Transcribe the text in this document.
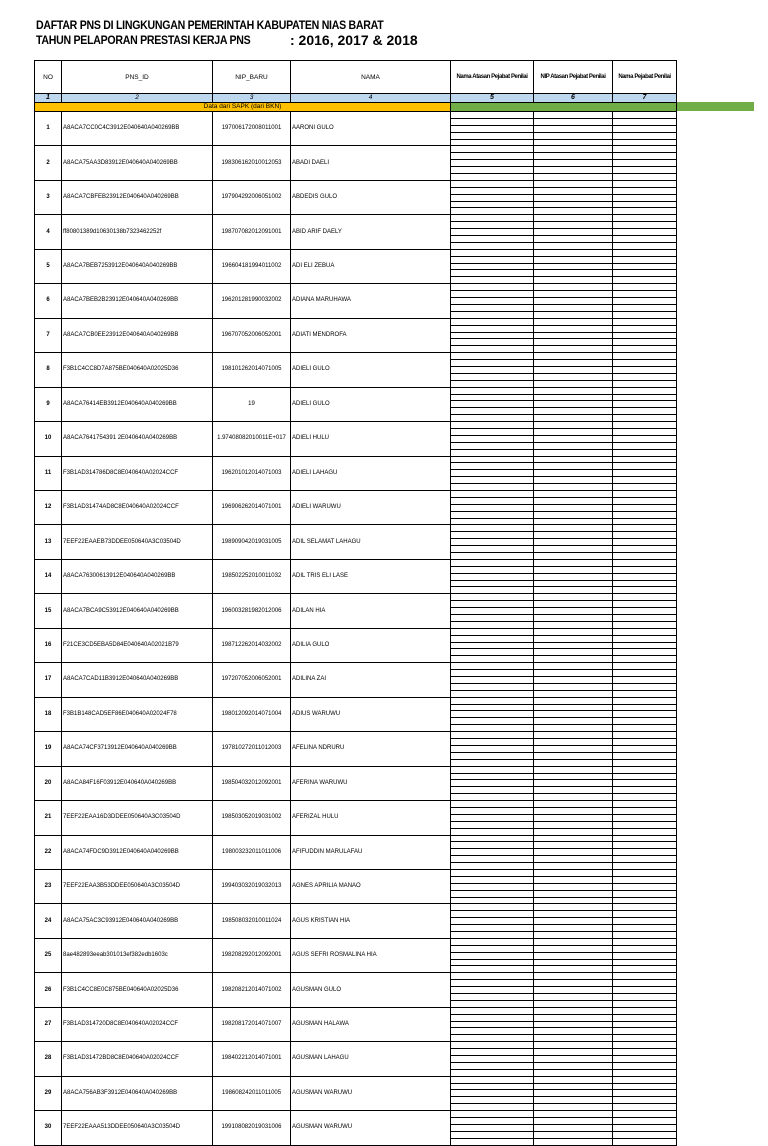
DAFTAR PNS DI LINGKUNGAN PEMERINTAH KABUPATEN NIAS BARAT
TAHUN PELAPORAN PRESTASI KERJA PNS	: 2016, 2017 & 2018
NO	PNS_ID	NIP_BARU	NAMA	Nama Atasan Pejabat Penilai	NIP Atasan Pejabat Penilai	Nama Pejabat Penilai
1	2	3	4	5	6	7
Data dari SAPK (dari BKN)						
1	A8ACA7CC0C4C3912E040640A040269BB	197006172008011001	AARONI GULO			

2	A8ACA75AA3D83912E040640A040269BB	198306162010012053	ABADI DAELI			

3	A8ACA7CBFEB23912E040640A040269BB	197904292006051002	ABDEDIS GULO			

4	ff80801389d10630138b7323462252f	198707082012091001	ABID ARIF DAELY			

5	A8ACA7BEB7253912E040640A040269BB	196604181994011002	ADI ELI ZEBUA			

6	A8ACA7BEB2B23912E040640A040269BB	196201281990032002	ADIANA MARUHAWA			

7	A8ACA7CB0EE23912E040640A040269BB	196707052006052001	ADIATI MENDROFA			

8	F3B1C4CC8D7A875BE040640A02025D36	198101262014071005	ADIELI GULO			

9	A8ACA76414EB3912E040640A040269BB	19	ADIELI GULO			

10	A8ACA7641754391 2E040640A040269BB	1.97408082010011E+017	ADIELI HULU			

11	F3B1AD314786D8C8E040640A02024CCF	196201012014071003	ADIELI LAHAGU			

12	F3B1AD31474AD8C8E040640A02024CCF	196906262014071001	ADIELI WARUWU			

13	7EEF22EAAEB73DDEE050640A3C03504D	198909042019031005	ADIL SELAMAT LAHAGU			

14	A8ACA76300613912E040640A040269BB	198502252010011032	ADIL TRIS ELI LASE			

15	A8ACA7BCA9C53912E040640A040269BB	196003281982012006	ADILAN HIA			

16	F21CE3CD5EBA5D84E040640A02021B79	198712262014032002	ADILIA GULO			

17	A8ACA7CAD11B3912E040640A040269BB	197207052006052001	ADILINA ZAI			

18	F3B1B148CAD5EF86E040640A02024F78	198012092014071004	ADIUS WARUWU			

19	A8ACA74CF3713912E040640A040269BB	197810272011012003	AFELINA NDRURU			

20	A8ACA84F16F03912E040640A040269BB	198504032012092001	AFERINA WARUWU			

21	7EEF22EAA16D3DDEE050640A3C03504D	198503052019031002	AFERIZAL HULU			

22	A8ACA74FDC9D3912E040640A040269BB	198003232011011006	AFIFUDDIN MARULAFAU			

23	7EEF22EAA3B53DDEE050640A3C03504D	199403032019032013	AGNES APRILIA MANAO			

24	A8ACA75AC3C93912E040640A040269BB	198508032010011024	AGUS KRISTIAN HIA			

25	8ae482893eeab301013ef382edb1603c	198208292012092001	AGUS SEFRI ROSMALINA HIA			

26	F3B1C4CC8E0C875BE040640A02025D36	198208212014071002	AGUSMAN GULO			

27	F3B1AD314720D8C8E040640A02024CCF	198208172014071007	AGUSMAN HALAWA			

28	F3B1AD31472BD8C8E040640A02024CCF	198402212014071001	AGUSMAN LAHAGU			

29	A8ACA756AB3F3912E040640A040269BB	198608242011011005	AGUSMAN WARUWU			

30	7EEF22EAAA513DDEE050640A3C03504D	199108082019031006	AGUSMAN WARUWU			
